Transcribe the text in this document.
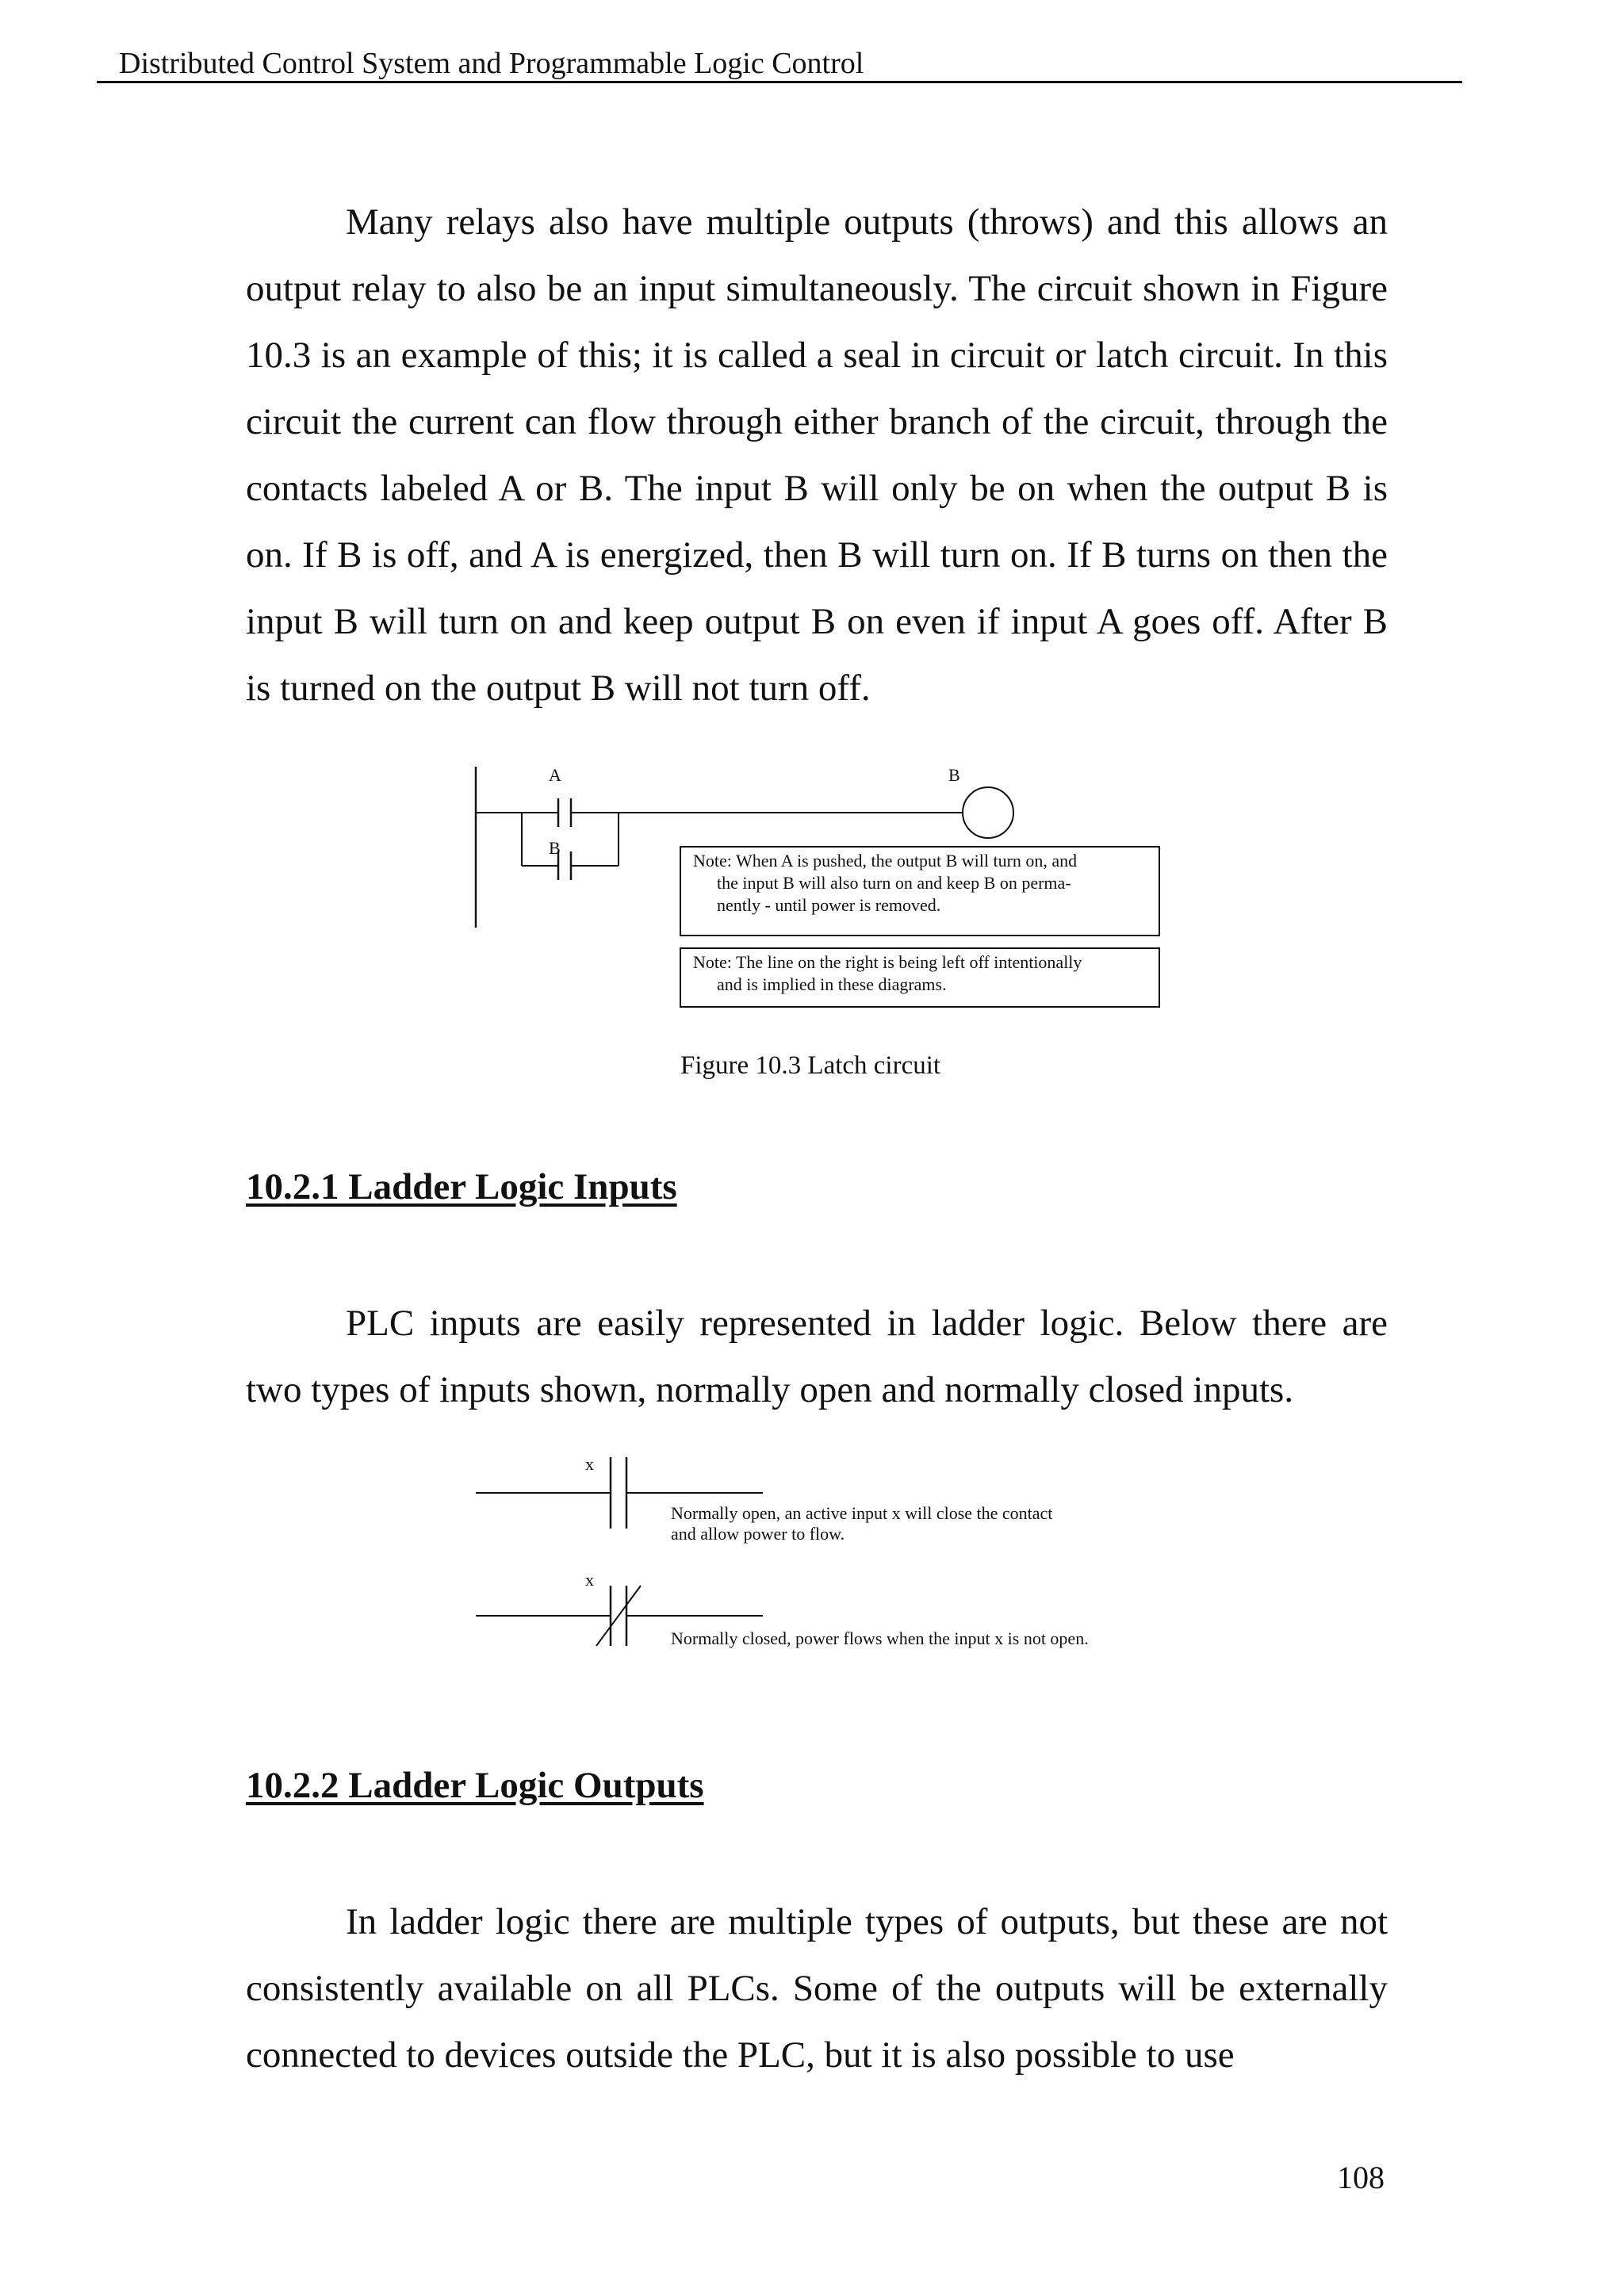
Distributed Control System and Programmable Logic Control

Many relays also have multiple outputs (throws) and this allows an output relay to also be an input simultaneously. The circuit shown in Figure 10.3 is an example of this; it is called a seal in circuit or latch circuit. In this circuit the current can flow through either branch of the circuit, through the contacts labeled A or B. The input B will only be on when the output B is on. If B is off, and A is energized, then B will turn on. If B turns on then the input B will turn on and keep output B on even if input A goes off. After B is turned on the output B will not turn off.

A	B
B
Note: When A is pushed, the output B will turn on, and
the input B will also turn on and keep B on perma-
nently - until power is removed.
Note: The line on the right is being left off intentionally
and is implied in these diagrams.
Figure 10.3 Latch circuit
10.2.1 Ladder Logic Inputs

PLC inputs are easily represented in ladder logic. Below there are two types of inputs shown, normally open and normally closed inputs.

x
Normally open, an active input x will close the contact
and allow power to flow.
x
Normally closed, power flows when the input x is not open.
10.2.2 Ladder Logic Outputs

In ladder logic there are multiple types of outputs, but these are not consistently available on all PLCs. Some of the outputs will be externally connected to devices outside the PLC, but it is also possible to use

108
